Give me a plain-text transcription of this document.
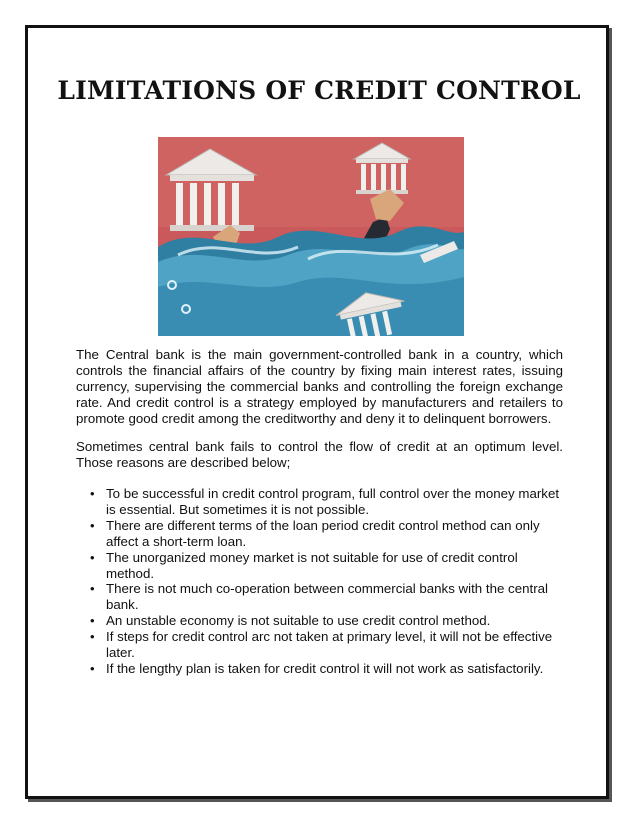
LIMITATIONS OF CREDIT CONTROL

The Central bank is the main government-controlled bank in a country, which controls the financial affairs of the country by fixing main interest rates, issuing currency, supervising the commercial banks and controlling the foreign exchange rate. And credit control is a strategy employed by manufacturers and retailers to promote good credit among the creditworthy and deny it to delinquent borrowers.

Sometimes central bank fails to control the flow of credit at an optimum level. Those reasons are described below;

• To be successful in credit control program, full control over the money market is essential. But sometimes it is not possible.
• There are different terms of the loan period credit control method can only affect a short-term loan.
• The unorganized money market is not suitable for use of credit control method.
• There is not much co-operation between commercial banks with the central bank.
• An unstable economy is not suitable to use credit control method.
• If steps for credit control arc not taken at primary level, it will not be effective later.
• If the lengthy plan is taken for credit control it will not work as satisfactorily.
